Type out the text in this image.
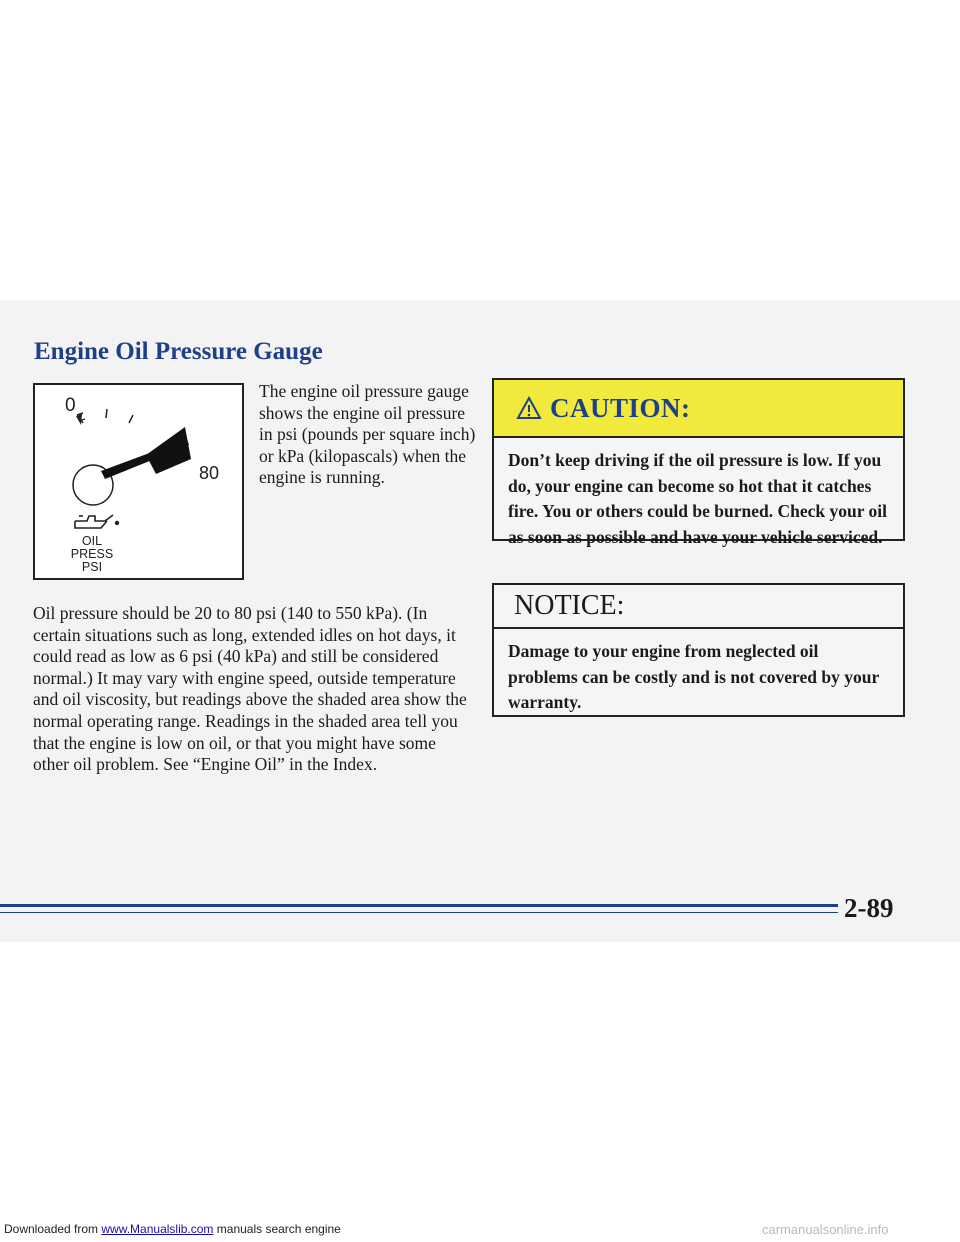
Engine Oil Pressure Gauge
0
80
OIL
PRESS
PSI

The engine oil pressure gauge shows the engine oil pressure in psi (pounds per square inch) or kPa (kilopascals) when the engine is running.

Oil pressure should be 20 to 80 psi (140 to 550 kPa). (In certain situations such as long, extended idles on hot days, it could read as low as 6 psi (40 kPa) and still be considered normal.) It may vary with engine speed, outside temperature and oil viscosity, but readings above the shaded area show the normal operating range. Readings in the shaded area tell you that the engine is low on oil, or that you might have some other oil problem. See “Engine Oil” in the Index.

CAUTION:

Don’t keep driving if the oil pressure is low. If you do, your engine can become so hot that it catches fire. You or others could be burned. Check your oil as soon as possible and have your vehicle serviced.

NOTICE:

Damage to your engine from neglected oil problems can be costly and is not covered by your warranty.

2-89
Downloaded from www.Manualslib.com manuals search engine	carmanualsonline.info
